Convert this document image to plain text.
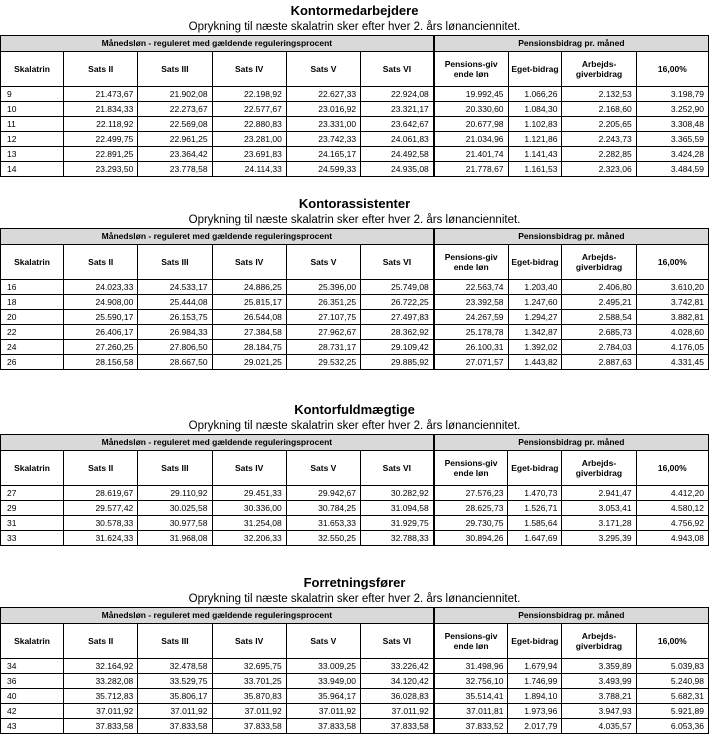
Kontormedarbejdere									
Oprykning til næste skalatrin sker efter hver 2. års lønanciennitet.									
Månedsløn - reguleret med gældende reguleringsprocent						Pensionsbidrag pr. måned			
Skalatrin	Sats II	Sats III	Sats IV	Sats V	Sats VI	Pensions-giv ende løn	Eget-bidrag	Arbejds-giverbidrag	16,00%
9	21.473,67	21.902,08	22.198,92	22.627,33	22.924,08	19.992,45	1.066,26	2.132,53	3.198,79
10	21.834,33	22.273,67	22.577,67	23.016,92	23.321,17	20.330,60	1.084,30	2.168,60	3.252,90
11	22.118,92	22.569,08	22.880,83	23.331,00	23.642,67	20.677,98	1.102,83	2.205,65	3.308,48
12	22.499,75	22.961,25	23.281,00	23.742,33	24.061,83	21.034,96	1.121,86	2.243,73	3.365,59
13	22.891,25	23.364,42	23.691,83	24.165,17	24.492,58	21.401,74	1.141,43	2.282,85	3.424,28
14	23.293,50	23.778,58	24.114,33	24.599,33	24.935,08	21.778,67	1.161,53	2.323,06	3.484,59
Kontorassistenter									
Oprykning til næste skalatrin sker efter hver 2. års lønanciennitet.									
Månedsløn - reguleret med gældende reguleringsprocent						Pensionsbidrag pr. måned			
Skalatrin	Sats II	Sats III	Sats IV	Sats V	Sats VI	Pensions-giv ende løn	Eget-bidrag	Arbejds-giverbidrag	16,00%
16	24.023,33	24.533,17	24.886,25	25.396,00	25.749,08	22.563,74	1.203,40	2.406,80	3.610,20
18	24.908,00	25.444,08	25.815,17	26.351,25	26.722,25	23.392,58	1.247,60	2.495,21	3.742,81
20	25.590,17	26.153,75	26.544,08	27.107,75	27.497,83	24.267,59	1.294,27	2.588,54	3.882,81
22	26.406,17	26.984,33	27.384,58	27.962,67	28.362,92	25.178,78	1.342,87	2.685,73	4.028,60
24	27.260,25	27.806,50	28.184,75	28.731,17	29.109,42	26.100,31	1.392,02	2.784,03	4.176,05
26	28.156,58	28.667,50	29.021,25	29.532,25	29.885,92	27.071,57	1.443,82	2.887,63	4.331,45
Kontorfuldmægtige									
Oprykning til næste skalatrin sker efter hver 2. års lønanciennitet.									
Månedsløn - reguleret med gældende reguleringsprocent						Pensionsbidrag pr. måned			
Skalatrin	Sats II	Sats III	Sats IV	Sats V	Sats VI	Pensions-giv ende løn	Eget-bidrag	Arbejds-giverbidrag	16,00%
27	28.619,67	29.110,92	29.451,33	29.942,67	30.282,92	27.576,23	1.470,73	2.941,47	4.412,20
29	29.577,42	30.025,58	30.336,00	30.784,25	31.094,58	28.625,73	1.526,71	3.053,41	4.580,12
31	30.578,33	30.977,58	31.254,08	31.653,33	31.929,75	29.730,75	1.585,64	3.171,28	4.756,92
33	31.624,33	31.968,08	32.206,33	32.550,25	32.788,33	30.894,26	1.647,69	3.295,39	4.943,08
Forretningsfører									
Oprykning til næste skalatrin sker efter hver 2. års lønanciennitet.									
Månedsløn - reguleret med gældende reguleringsprocent						Pensionsbidrag pr. måned			
Skalatrin	Sats II	Sats III	Sats IV	Sats V	Sats VI	Pensions-giv ende løn	Eget-bidrag	Arbejds-giverbidrag	16,00%
34	32.164,92	32.478,58	32.695,75	33.009,25	33.226,42	31.498,96	1.679,94	3.359,89	5.039,83
36	33.282,08	33.529,75	33.701,25	33.949,00	34.120,42	32.756,10	1.746,99	3.493,99	5.240,98
40	35.712,83	35.806,17	35.870,83	35.964,17	36.028,83	35.514,41	1.894,10	3.788,21	5.682,31
42	37.011,92	37.011,92	37.011,92	37.011,92	37.011,92	37.011,81	1.973,96	3.947,93	5.921,89
43	37.833,58	37.833,58	37.833,58	37.833,58	37.833,58	37.833,52	2.017,79	4.035,57	6.053,36
